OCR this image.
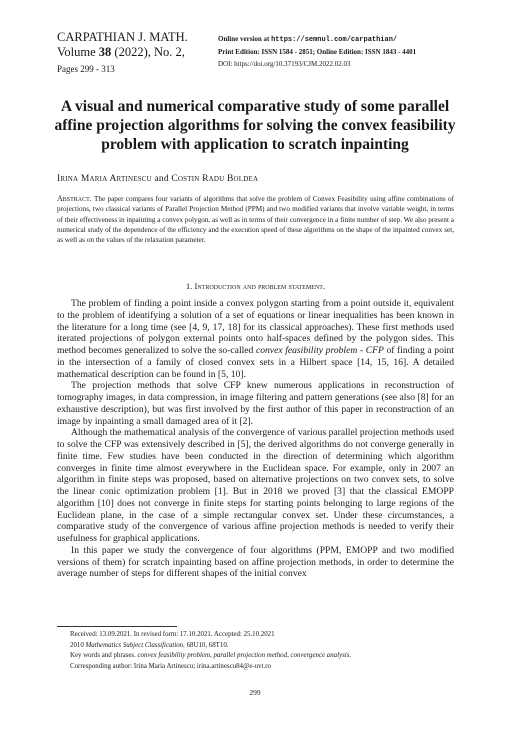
CARPATHIAN J. MATH.
Volume 38 (2022), No. 2,
Pages 299 - 313
Online version at https://semnul.com/carpathian/
Print Edition: ISSN 1584 - 2851; Online Edition: ISSN 1843 - 4401
DOI: https://doi.org/10.37193/CJM.2022.02.03
A visual and numerical comparative study of some parallel affine projection algorithms for solving the convex feasibility problem with application to scratch inpainting
Irina Maria Artinescu and Costin Radu Boldea
Abstract. The paper compares four variants of algorithms that solve the problem of Convex Feasibility using affine combinations of projections, two classical variants of Parallel Projection Method (PPM) and two modified variants that involve variable weight, in terms of their effectiveness in inpainting a convex polygon, as well as in terms of their convergence in a finite number of step. We also present a numerical study of the dependence of the efficiency and the execution speed of these algorithms on the shape of the inpainted convex set, as well as on the values of the relaxation parameter.
1. Introduction and problem statement.

The problem of finding a point inside a convex polygon starting from a point outside it, equivalent to the problem of identifying a solution of a set of equations or linear inequalities has been known in the literature for a long time (see [4, 9, 17, 18] for its classical approaches). These first methods used iterated projections of polygon external points onto half-spaces defined by the polygon sides. This method becomes generalized to solve the so-called convex feasibility problem - CFP of finding a point in the intersection of a family of closed convex sets in a Hilbert space [14, 15, 16]. A detailed mathematical description can be found in [5, 10].

The projection methods that solve CFP knew numerous applications in reconstruction of tomography images, in data compression, in image filtering and pattern generations (see also [8] for an exhaustive description), but was first involved by the first author of this paper in reconstruction of an image by inpainting a small damaged area of it [2].

Although the mathematical analysis of the convergence of various parallel projection methods used to solve the CFP was extensively described in [5], the derived algorithms do not converge generally in finite time. Few studies have been conducted in the direction of determining which algorithm converges in finite time almost everywhere in the Euclidean space. For example, only in 2007 an algorithm in finite steps was proposed, based on alternative projections on two convex sets, to solve the linear conic optimization problem [1]. But in 2018 we proved [3] that the classical EMOPP algorithm [10] does not converge in finite steps for starting points belonging to large regions of the Euclidean plane, in the case of a simple rectangular convex set. Under these circumstances, a comparative study of the convergence of various affine projection methods is needed to verify their usefulness for graphical applications.

In this paper we study the convergence of four algorithms (PPM, EMOPP and two modified versions of them) for scratch inpainting based on affine projection methods, in order to determine the average number of steps for different shapes of the initial convex

Received: 13.09.2021. In revised form: 17.10.2021. Accepted: 25.10.2021
2010 Mathematics Subject Classification. 68U10, 68T10.
Key words and phrases. convex feasibility problem, parallel projection method, convergence analysis.
Corresponding author: Irina Maria Artinescu; irina.artinescu84@e-uvt.ro
299
